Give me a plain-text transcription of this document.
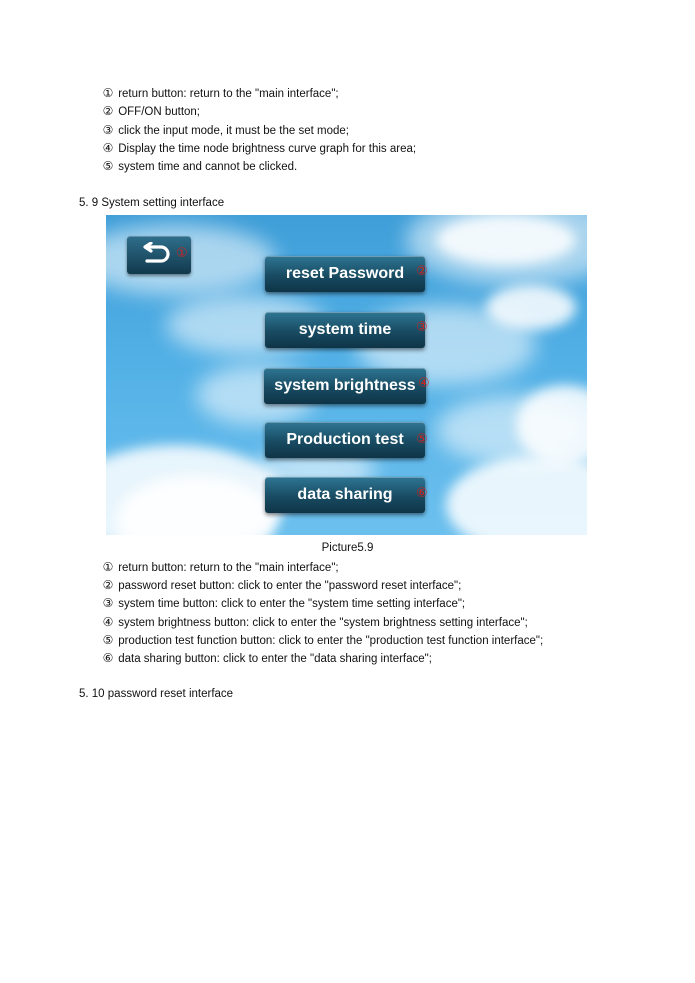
① return button: return to the "main interface";
② OFF/ON button;
③ click the input mode, it must be the set mode;
④ Display the time node brightness curve graph for this area;
⑤ system time and cannot be clicked.
5. 9 System setting interface
①
reset Password ②
system time	③
system brightness ④
Production test ⑤
data sharing	⑥
Picture5.9
① return button: return to the "main interface";
② password reset button: click to enter the "password reset interface";
③ system time button: click to enter the "system time setting interface";
④ system brightness button: click to enter the "system brightness setting interface";
⑤ production test function button: click to enter the "production test function interface";
⑥ data sharing button: click to enter the "data sharing interface";
5. 10 password reset interface
